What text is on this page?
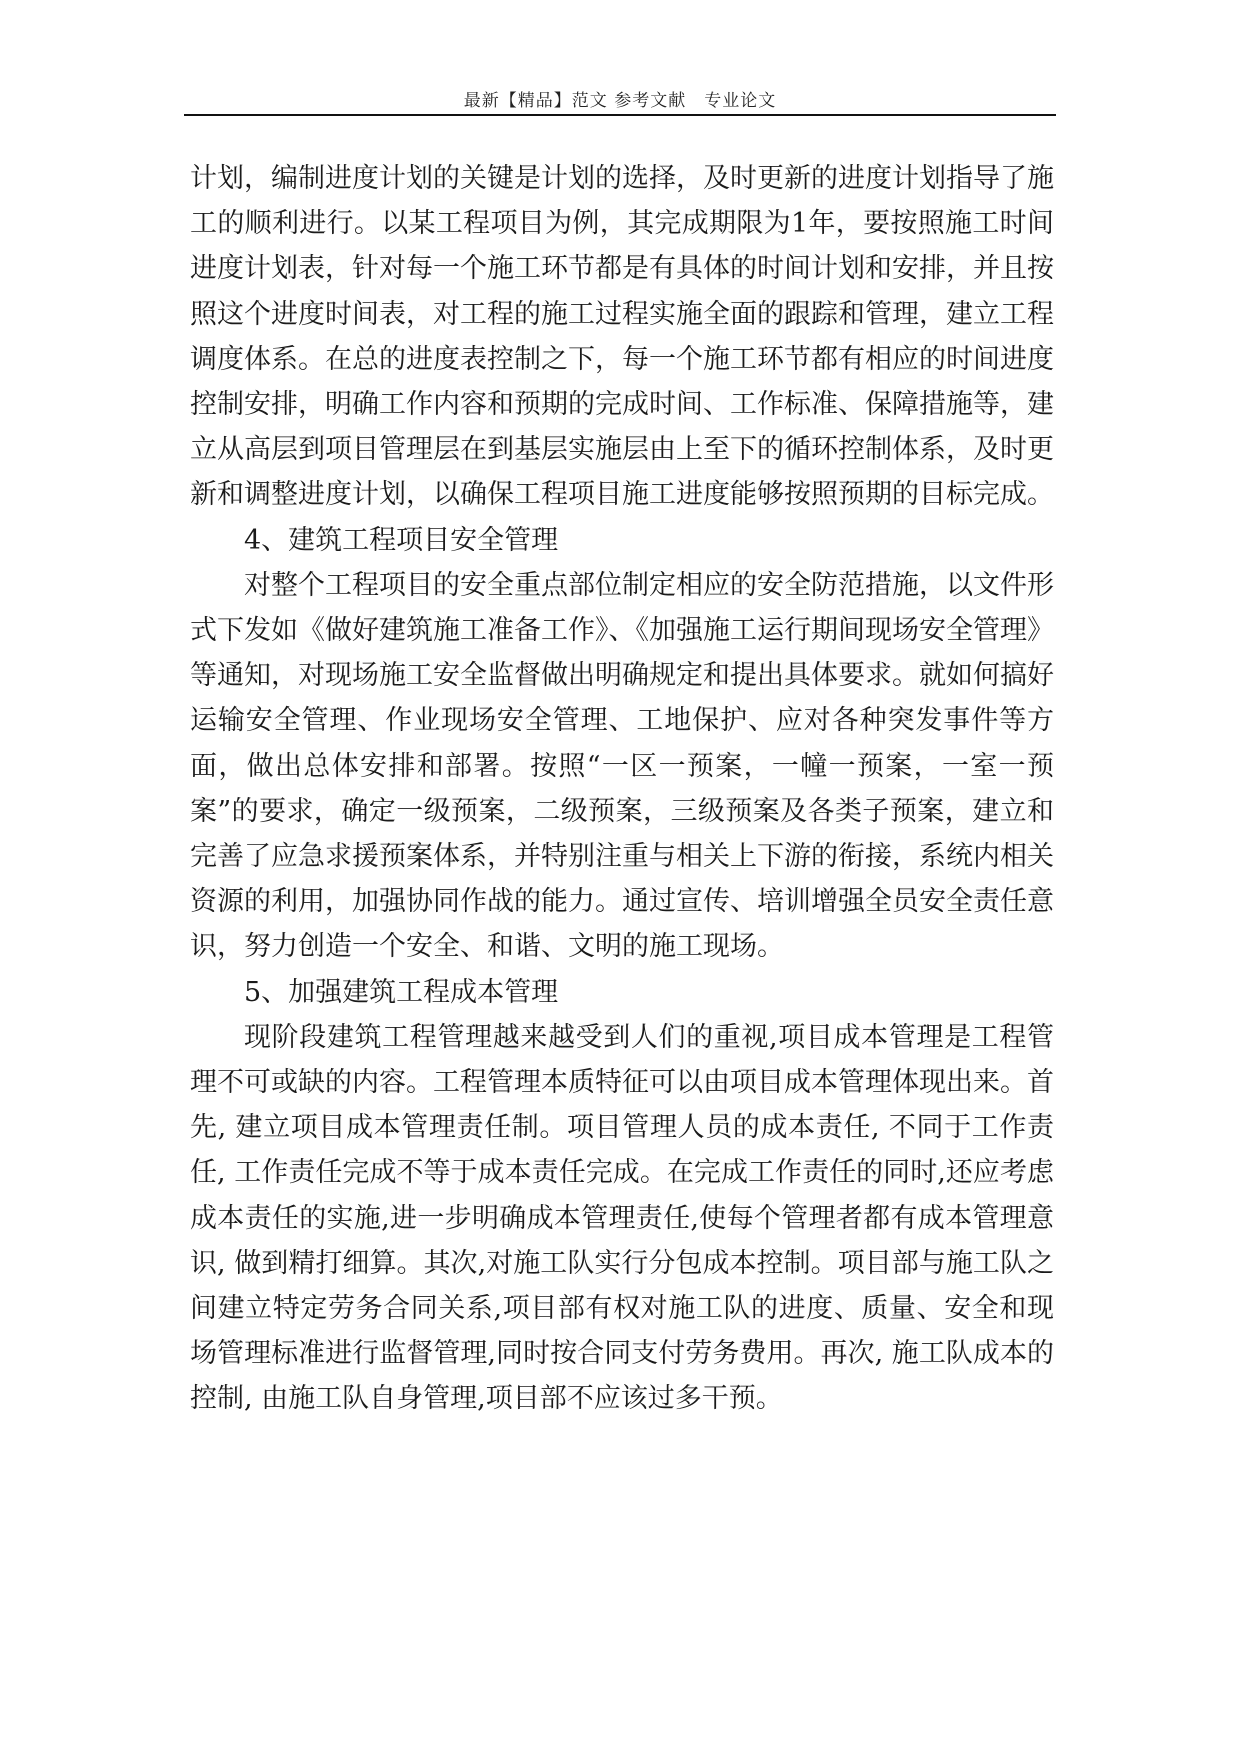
最新【精品】范文 参考文献　专业论文

计划，编制进度计划的关键是计划的选择，及时更新的进度计划指导了施工的顺利进行。以某工程项目为例，其完成期限为1年，要按照施工时间进度计划表，针对每一个施工环节都是有具体的时间计划和安排，并且按照这个进度时间表，对工程的施工过程实施全面的跟踪和管理，建立工程调度体系。在总的进度表控制之下，每一个施工环节都有相应的时间进度控制安排，明确工作内容和预期的完成时间、工作标准、保障措施等，建立从高层到项目管理层在到基层实施层由上至下的循环控制体系，及时更新和调整进度计划，以确保工程项目施工进度能够按照预期的目标完成。

4、建筑工程项目安全管理

对整个工程项目的安全重点部位制定相应的安全防范措施，以文件形式下发如《做好建筑施工准备工作》、《加强施工运行期间现场安全管理》等通知，对现场施工安全监督做出明确规定和提出具体要求。就如何搞好运输安全管理、作业现场安全管理、工地保护、应对各种突发事件等方面，做出总体安排和部署。按照“一区一预案，一幢一预案，一室一预案”的要求，确定一级预案，二级预案，三级预案及各类子预案，建立和完善了应急求援预案体系，并特别注重与相关上下游的衔接，系统内相关资源的利用，加强协同作战的能力。通过宣传、培训增强全员安全责任意识，努力创造一个安全、和谐、文明的施工现场。

5、加强建筑工程成本管理

现阶段建筑工程管理越来越受到人们的重视,项目成本管理是工程管理不可或缺的内容。工程管理本质特征可以由项目成本管理体现出来。首先, 建立项目成本管理责任制。项目管理人员的成本责任, 不同于工作责任, 工作责任完成不等于成本责任完成。在完成工作责任的同时,还应考虑成本责任的实施,进一步明确成本管理责任,使每个管理者都有成本管理意识, 做到精打细算。其次,对施工队实行分包成本控制。项目部与施工队之间建立特定劳务合同关系,项目部有权对施工队的进度、质量、安全和现场管理标准进行监督管理,同时按合同支付劳务费用。再次, 施工队成本的控制, 由施工队自身管理,项目部不应该过多干预。
